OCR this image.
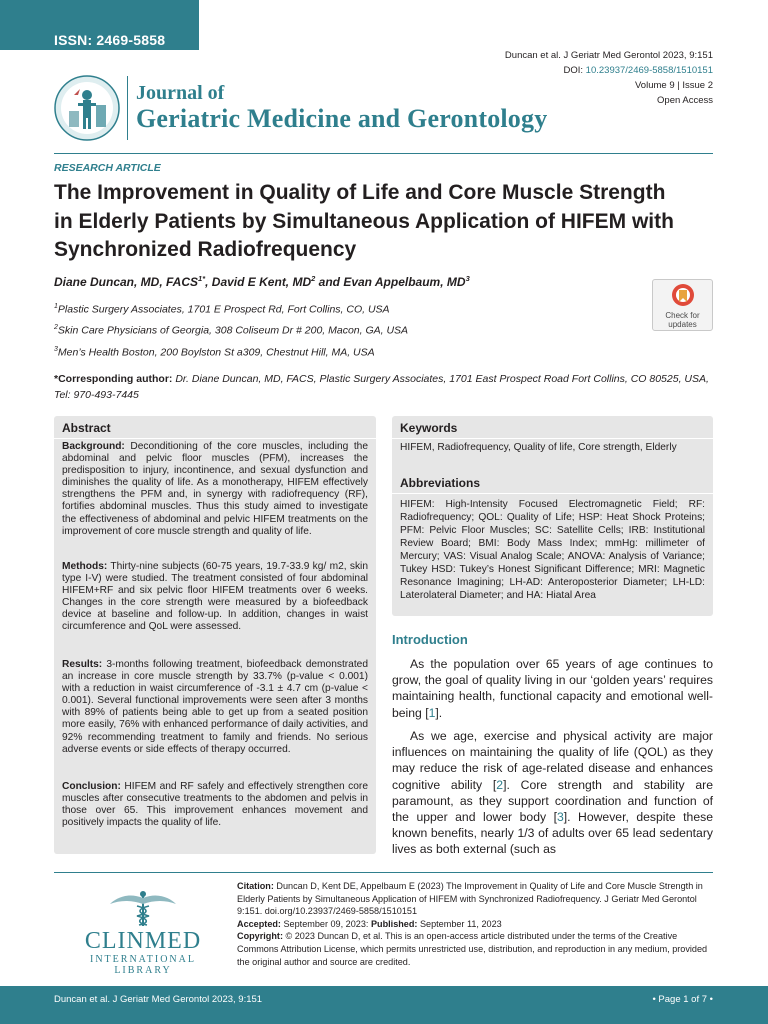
ISSN: 2469-5858
Duncan et al. J Geriatr Med Gerontol 2023, 9:151
DOI: 10.23937/2469-5858/1510151
Volume 9 | Issue 2
Open Access
Journal of
Geriatric Medicine and Gerontology
RESEARCH ARTICLE
The Improvement in Quality of Life and Core Muscle Strength
in Elderly Patients by Simultaneous Application of HIFEM with
Synchronized Radiofrequency
Diane Duncan, MD, $FACS^{1*}$, David E Kent, $MD^2$ and Evan Appelbaum, $MD^3$
$^1$Plastic Surgery Associates, 1701 E Prospect Rd, Fort Collins, CO, USA
$^2$Skin Care Physicians of Georgia, 308 Coliseum Dr # 200, Macon, GA, USA
$^3$Men’s Health Boston, 200 Boylston St a309, Chestnut Hill, MA, USA
Check for
updates
*Corresponding author: Dr. Diane Duncan, MD, FACS, Plastic Surgery Associates, 1701 East Prospect Road Fort Collins, CO 80525, USA, Tel: 970-493-7445
Abstract
Background: Deconditioning of the core muscles, including the abdominal and pelvic floor muscles (PFM), increases the predisposition to injury, incontinence, and sexual dysfunction and diminishes the quality of life. As a monotherapy, HIFEM effectively strengthens the PFM and, in synergy with radiofrequency (RF), fortifies abdominal muscles. Thus this study aimed to investigate the effectiveness of abdominal and pelvic HIFEM treatments on the improvement of core muscle strength and quality of life.
Methods: Thirty-nine subjects (60-75 years, 19.7-33.9 kg/ m2, skin type I-V) were studied. The treatment consisted of four abdominal HIFEM+RF and six pelvic floor HIFEM treatments over 6 weeks. Changes in the core strength were measured by a biofeedback device at baseline and follow-up. In addition, changes in waist circumference and QoL were assessed.
Results: 3-months following treatment, biofeedback demonstrated an increase in core muscle strength by 33.7% (p-value < 0.001) with a reduction in waist circumference of -3.1 ± 4.7 cm (p-value < 0.001). Several functional improvements were seen after 3 months with 89% of patients being able to get up from a seated position more easily, 76% with enhanced performance of daily activities, and 92% recommending treatment to family and friends. No serious adverse events or side effects of therapy occurred.
Conclusion: HIFEM and RF safely and effectively strengthen core muscles after consecutive treatments to the abdomen and pelvis in those over 65. This improvement enhances movement and positively impacts the quality of life.
Keywords
HIFEM, Radiofrequency, Quality of life, Core strength, Elderly
Abbreviations
HIFEM: High-Intensity Focused Electromagnetic Field; RF: Radiofrequency; QOL: Quality of Life; HSP: Heat Shock Proteins; PFM: Pelvic Floor Muscles; SC: Satellite Cells; IRB: Institutional Review Board; BMI: Body Mass Index; mmHg: millimeter of Mercury; VAS: Visual Analog Scale; ANOVA: Analysis of Variance; Tukey HSD: Tukey’s Honest Significant Difference; MRI: Magnetic Resonance Imagining; LH-AD: Anteroposterior Diameter; LH-LD: Laterolateral Diameter; and HA: Hiatal Area
Introduction
As the population over 65 years of age continues to grow, the goal of quality living in our ‘golden years’ requires maintaining health, functional capacity and emotional well-being [1].
As we age, exercise and physical activity are major influences on maintaining the quality of life (QOL) as they may reduce the risk of age-related disease and enhances cognitive ability [2]. Core strength and stability are paramount, as they support coordination and function of the upper and lower body [3]. However, despite these known benefits, nearly 1/3 of adults over 65 lead sedentary lives as both external (such as
CLINMED
INTERNATIONAL LIBRARY
Citation: Duncan D, Kent DE, Appelbaum E (2023) The Improvement in Quality of Life and Core Muscle Strength in Elderly Patients by Simultaneous Application of HIFEM with Synchronized Radiofrequency. J Geriatr Med Gerontol 9:151. doi.org/10.23937/2469-5858/1510151
Accepted: September 09, 2023: Published: September 11, 2023
Copyright: © 2023 Duncan D, et al. This is an open-access article distributed under the terms of the Creative Commons Attribution License, which permits unrestricted use, distribution, and reproduction in any medium, provided the original author and source are credited.
Duncan et al. J Geriatr Med Gerontol 2023, 9:151	• Page 1 of 7 •
